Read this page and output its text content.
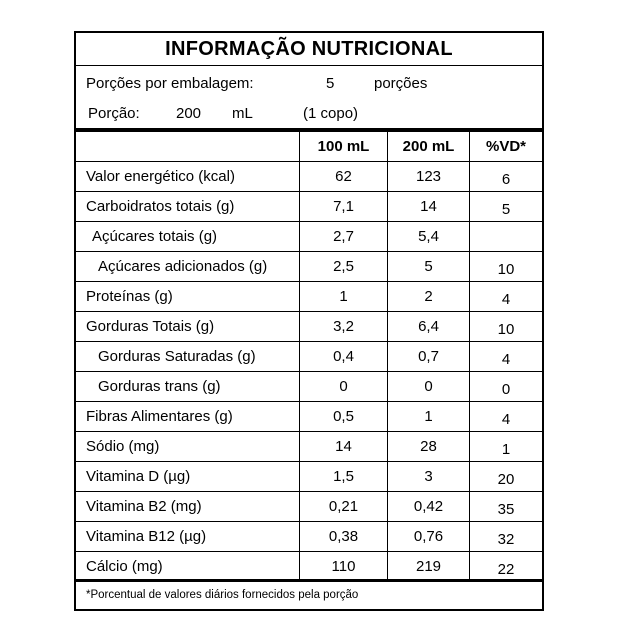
INFORMAÇÃO NUTRICIONAL
Porções por embalagem:	5	porções
Porção: 200 mL	(1 copo)
100 mL	200 mL	%VD*
Valor energético (kcal)	62	123	6
Carboidratos totais (g)	7,1	14	5
Açúcares totais (g)	2,7	5,4
Açúcares adicionados (g)	2,5	5	10
Proteínas (g)	1	2	4
Gorduras Totais (g)	3,2	6,4	10
Gorduras Saturadas (g)	0,4	0,7	4
Gorduras trans (g)	0	0	0
Fibras Alimentares (g)	0,5	1	4
Sódio (mg)	14	28	1
Vitamina D (µg)	1,5	3	20
Vitamina B2 (mg)	0,21	0,42	35
Vitamina B12 (µg)	0,38	0,76	32
Cálcio (mg)	110	219	22
*Porcentual de valores diários fornecidos pela porção
